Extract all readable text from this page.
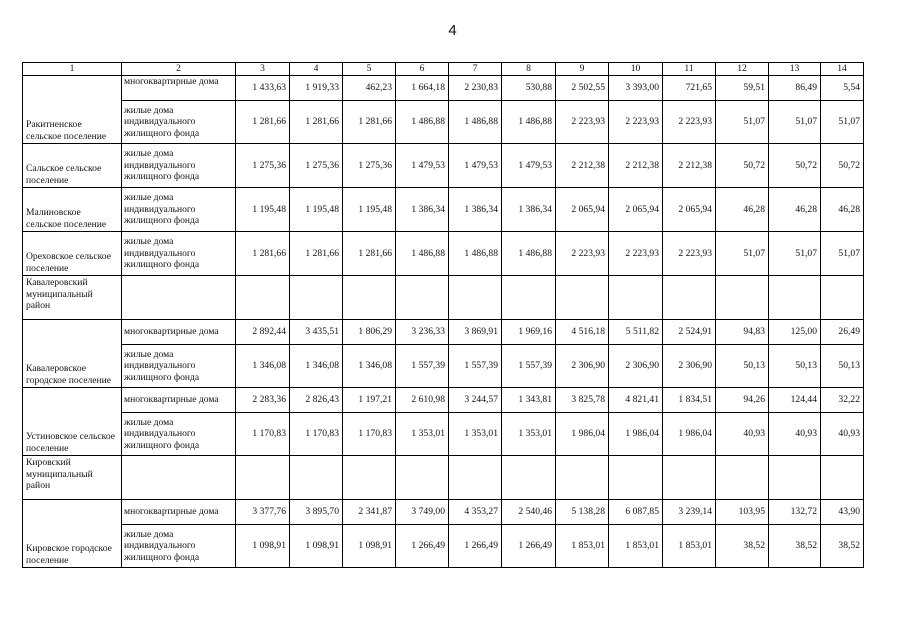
4
1	2	3	4	5	6	7	8	9	10	11	12	13	14
Ракитненское сельское поселение	многоквартирные дома	1 433,63	1 919,33	462,23	1 664,18	2 230,83	530,88	2 502,55	3 393,00	721,65	59,51	86,49	5,54
	жилые дома индивидуального жилищного фонда	1 281,66	1 281,66	1 281,66	1 486,88	1 486,88	1 486,88	2 223,93	2 223,93	2 223,93	51,07	51,07	51,07
Сальское сельское поселение	жилые дома индивидуального жилищного фонда	1 275,36	1 275,36	1 275,36	1 479,53	1 479,53	1 479,53	2 212,38	2 212,38	2 212,38	50,72	50,72	50,72
Малиновское сельское поселение	жилые дома индивидуального жилищного фонда	1 195,48	1 195,48	1 195,48	1 386,34	1 386,34	1 386,34	2 065,94	2 065,94	2 065,94	46,28	46,28	46,28
Ореховское сельское поселение	жилые дома индивидуального жилищного фонда	1 281,66	1 281,66	1 281,66	1 486,88	1 486,88	1 486,88	2 223,93	2 223,93	2 223,93	51,07	51,07	51,07
Кавалеровский муниципальный район													
Кавалеровское городское поселение	многоквартирные дома	2 892,44	3 435,51	1 806,29	3 236,33	3 869,91	1 969,16	4 516,18	5 511,82	2 524,91	94,83	125,00	26,49
	жилые дома индивидуального жилищного фонда	1 346,08	1 346,08	1 346,08	1 557,39	1 557,39	1 557,39	2 306,90	2 306,90	2 306,90	50,13	50,13	50,13
Устиновское сельское поселение	многоквартирные дома	2 283,36	2 826,43	1 197,21	2 610,98	3 244,57	1 343,81	3 825,78	4 821,41	1 834,51	94,26	124,44	32,22
	жилые дома индивидуального жилищного фонда	1 170,83	1 170,83	1 170,83	1 353,01	1 353,01	1 353,01	1 986,04	1 986,04	1 986,04	40,93	40,93	40,93
Кировский муниципальный район													
Кировское городское поселение	многоквартирные дома	3 377,76	3 895,70	2 341,87	3 749,00	4 353,27	2 540,46	5 138,28	6 087,85	3 239,14	103,95	132,72	43,90
	жилые дома индивидуального жилищного фонда	1 098,91	1 098,91	1 098,91	1 266,49	1 266,49	1 266,49	1 853,01	1 853,01	1 853,01	38,52	38,52	38,52
